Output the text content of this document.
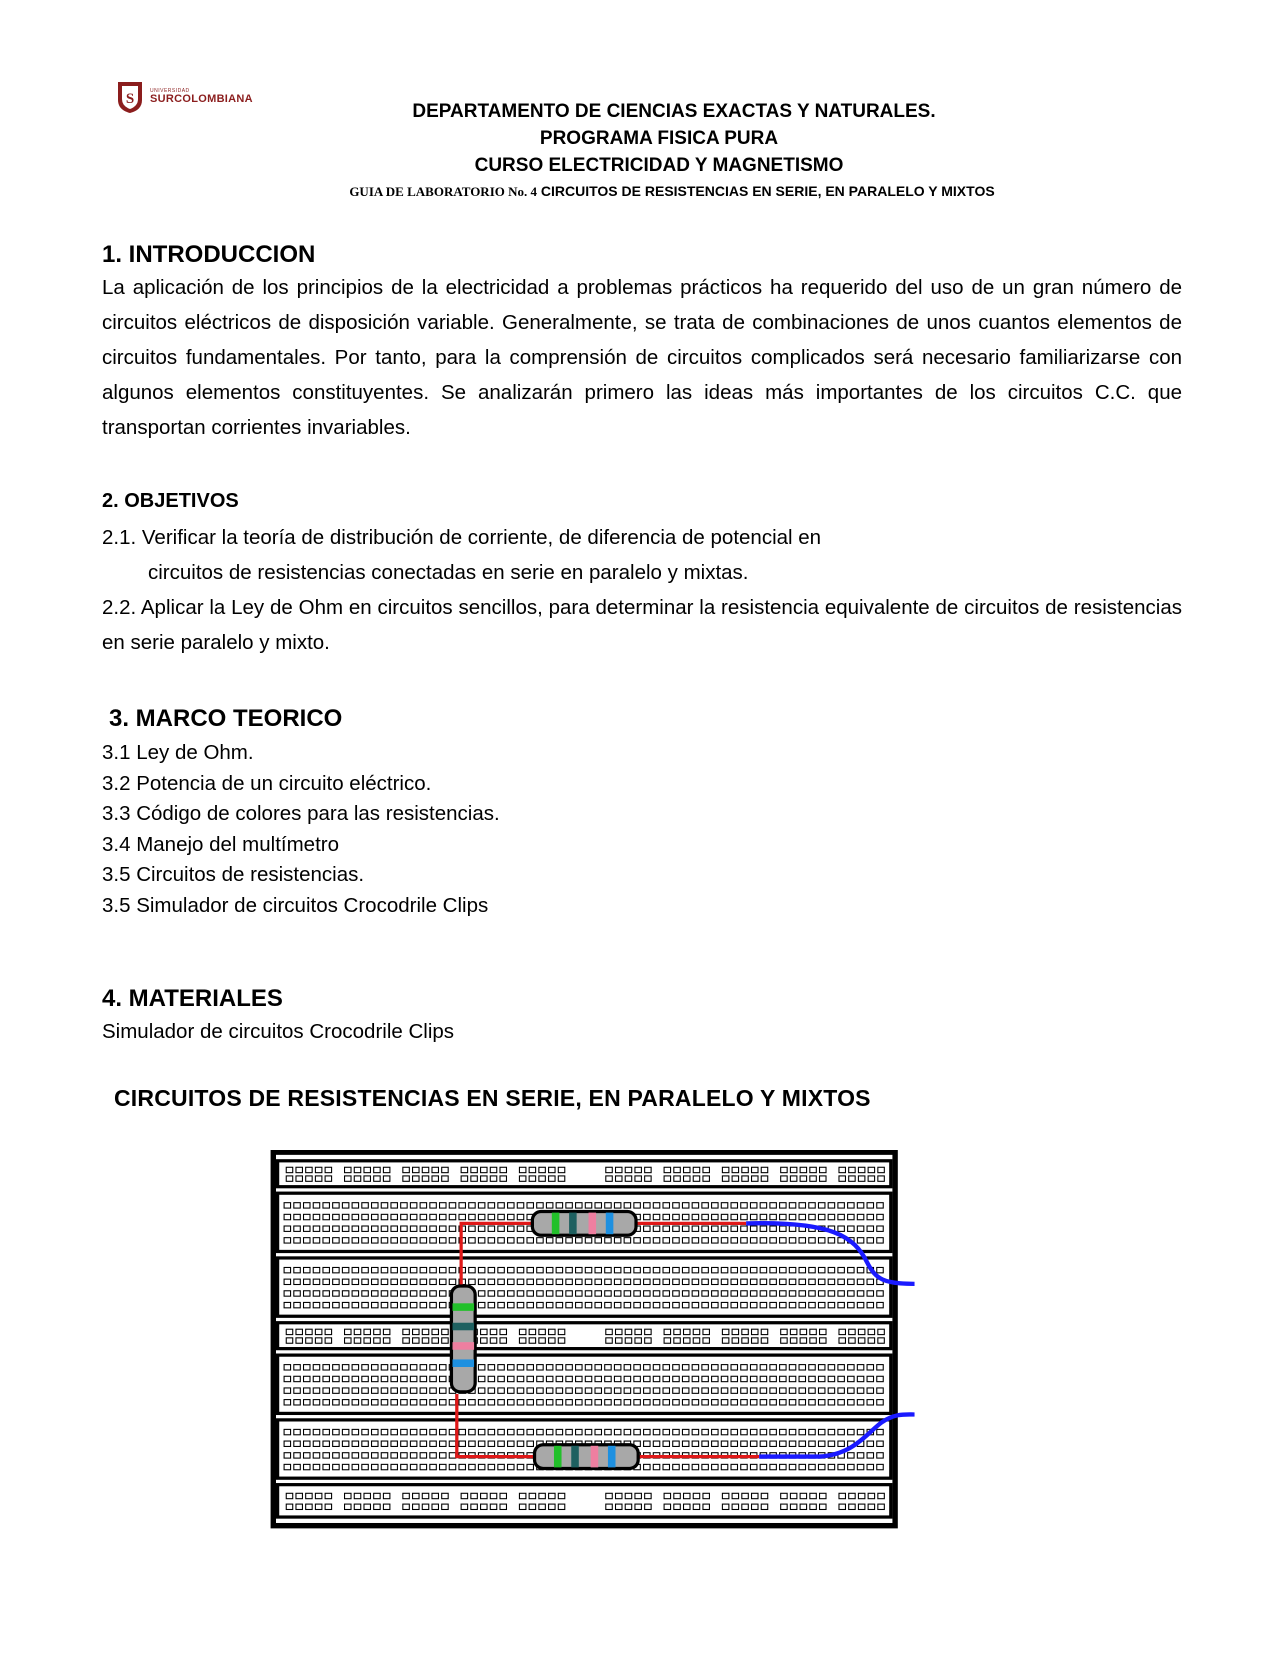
S	UNIVERSIDAD
SURCOLOMBIANA
DEPARTAMENTO DE CIENCIAS EXACTAS Y NATURALES.
PROGRAMA FISICA PURA
CURSO ELECTRICIDAD Y MAGNETISMO
GUIA DE LABORATORIO No. 4 CIRCUITOS DE RESISTENCIAS EN SERIE, EN PARALELO Y MIXTOS
1. INTRODUCCION

La aplicación de los principios de la electricidad a problemas prácticos ha requerido del uso de un gran número de circuitos eléctricos de disposición variable. Generalmente, se trata de combinaciones de unos cuantos elementos de circuitos fundamentales. Por tanto, para la comprensión de circuitos complicados será necesario familiarizarse con algunos elementos constituyentes. Se analizarán primero las ideas más importantes de los circuitos C.C. que transportan corrientes invariables.

2. OBJETIVOS

2.1. Verificar la teoría de distribución de corriente, de diferencia de potencial en

circuitos de resistencias conectadas en serie en paralelo y mixtas.

2.2. Aplicar la Ley de Ohm en circuitos sencillos, para determinar la resistencia equivalente de circuitos de resistencias en serie paralelo y mixto.

3. MARCO TEORICO

3.1 Ley de Ohm.

3.2 Potencia de un circuito eléctrico.

3.3 Código de colores para las resistencias.

3.4 Manejo del multímetro

3.5 Circuitos de resistencias.

3.5 Simulador de circuitos Crocodrile Clips

4. MATERIALES

Simulador de circuitos Crocodrile Clips

CIRCUITOS DE RESISTENCIAS EN SERIE, EN PARALELO Y MIXTOS
